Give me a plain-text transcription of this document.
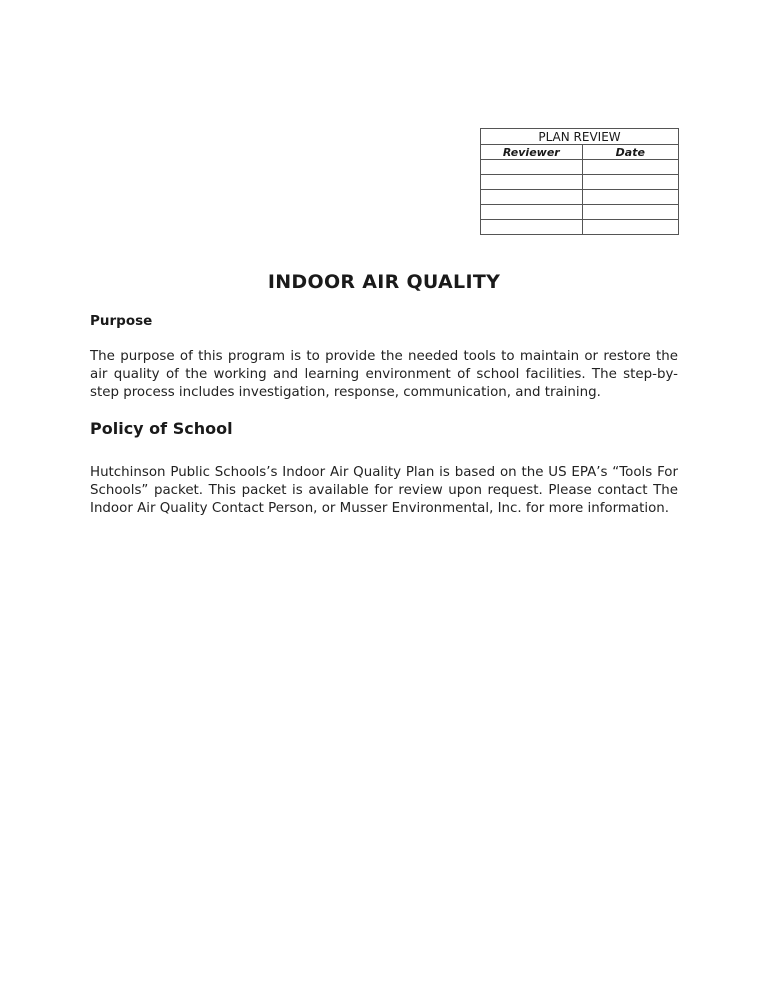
PLAN REVIEW	
Reviewer	Date

INDOOR AIR QUALITY
Purpose

The purpose of this program is to provide the needed tools to maintain or restore the air quality of the working and learning environment of school facilities. The step-by-step process includes investigation, response, communication, and training.

Policy of School

Hutchinson Public Schools’s Indoor Air Quality Plan is based on the US EPA’s “Tools For Schools” packet. This packet is available for review upon request. Please contact The Indoor Air Quality Contact Person, or Musser Environmental, Inc. for more information.
